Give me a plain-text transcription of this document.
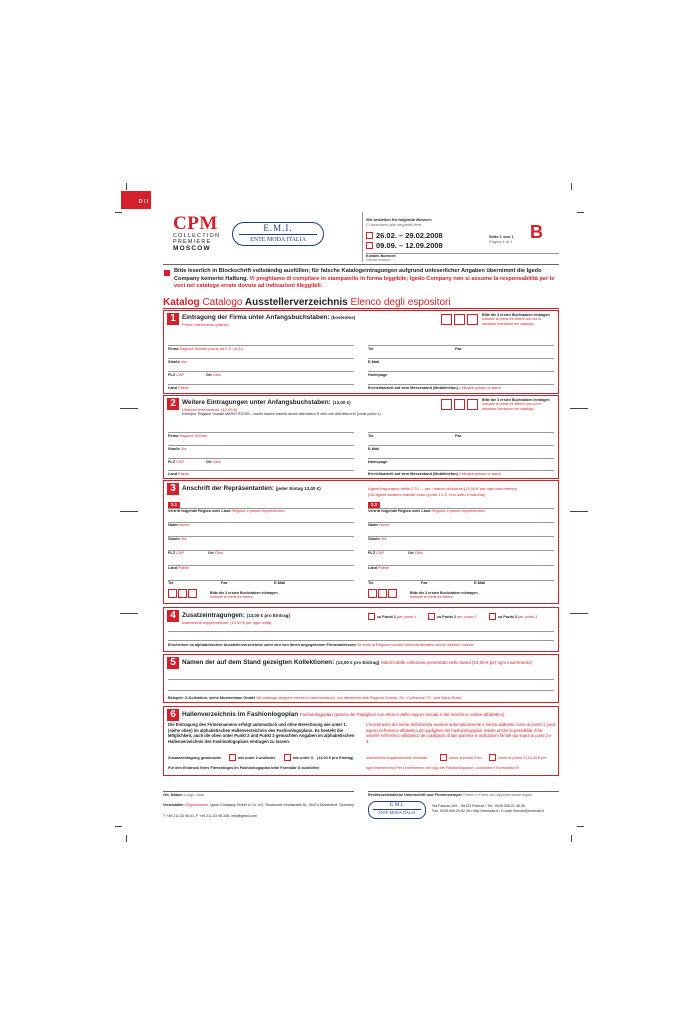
D / I
CPM
COLLECTION
PREMIÈRE
MOSCOW
E.M.I.
ENTE MODA ITALIA
Wir bestellen für folgende Messen:
Ci iscriviamo alle seguenti fiere:
26.02. – 29.02.2008
09.09. – 12.09.2008
Seite 1 von 1
Pagina 1 di 1 B
Kunden-Nummer:
Cliente numero:
Bitte leserlich in Blockschrift vollständig ausfüllen; für falsche Katalogeintragungen aufgrund unleserlicher Angaben übernimmt die Igedo Company keinerlei Haftung. Vi preghiamo di compilare in stampatello in forma leggibile; Igedo Company non si assume la responsabilità per le voci nel catalogo errate dovute ad indicazioni illeggibili.
Katalog Catalogo Ausstellerverzeichnis Elenco degli espositori
1 Eintragung der Firma unter Anfangsbuchstaben: (kostenlos)
Prime inserimento gratuito
Bitte die 3 ersten Buchstaben eintragen
Indicare le prime tre lettere con cui si desidera l'iscrizione nel catalogo.
Firma Ragione Sociale (come da C.C.I.A.A.)	Tel.	Fax
Straße Via	E-Mail
PLZ CAP	Ort Città	Homepage
Land Paese	Erreichbarkeit auf dem Messestand (Mobiltelefon) Cellulare presso lo stand
2 Weitere Eintragungen unter Anfangsbuchstaben: (13,00 €)
Ulteriore inserimento: (13,00 €)
Exempio: Ragione Sociale MARIO ROSSI – vostro essere inserito anche alla lettera R oltre che alla lettera M (come punto 1)
Bitte die 3 ersten Buchstaben eintragen
Indicare le prime tre lettere con cui si desidera l'iscrizione nel catalogo.
Firma Ragione Sociale	Tel.	Fax
Straße Via	E-Mail
PLZ CAP	Ort Città	Homepage
Land Paese	Erreichbarkeit auf dem Messestand (Mobiltelefon) Cellulare presso lo stand
3 Anschrift der Repräsentanten: (jeder Eintag 13,00 €)	Agenti/Importatori nella C.S.I. – per i marchi dichiarati (13,00 € per ogni inserimento)
(Gli agenti saranno indicati sotto i punti 1 e 2, non sotto il marchio)
3.1	3.2
Vertritt folgende Region oder Land Regione o paese rappresentato	Vertritt folgende Region oder Land Regione o paese rappresentato
Name Nome	Name Nome
Straße Via	Straße Via
PLZ CAP	Ort Città	PLZ CAP	Ort Città
Land Paese	Land Paese
Tel.	Fax	E-Mail	Tel.	Fax	E-Mail
Bitte die 3 ersten Buchstaben eintragen
Indicare le prime tre lettere.
Bitte die 3 ersten Buchstaben eintragen
Indicare le prime tre lettere.
4 Zusatzeintragungen: (13,00 € pro Eintrag)
Inserimenti supplementari: (13,00 € per ogni unità)
zu Punkt 1 per punto 1	zu Punkt 2 per punto 2	zu Punkt 3 per punto 3
Erscheinen im alphabetischen Ausstellerverzeichnis unter den von Ihnen angegebenen Firmenadressen Se sotto la Regione sociale l'azienda desidera anche inserire i marchi
5 Namen der auf dem Stand gezeigten Kollektionen: (13,00 € pro Eintrag) Marchi delle collezioni presentate nello stand (13,00 € per ogni inserimento)
Beispiel: X-Kollektion, siehe Mustermann GmbH Nel catalogo vengono inseriti il marchio/marchi, con riferimento alla Ragione Sociale: Es.: Collezione "X", vedi Mario Rossi
6 Hallenverzeichnis im Fashionlogoplan Fashionlogoplan (pianta dei Padiglioni con elenco delle ragioni sociali e dei marchi in ordine alfabetico)
Die Eintragung des Firmennamens erfolgt automatisch und ohne Berechnung wie unter 1. (siehe oben) im alphabetischen Hallenverzeichnis des Fashionlogoplans. Es besteht die Möglichkeit, auch die oben unter Punkt 2 und Punkt 3 gemachten Angaben im alphabetischen Hallenverzeichnis des Fashionlogoplans eintragen zu lassen.
L'inserimento del nome dell'azienda avviene automaticamente e senza addebito come al punto 1 (vedi sopra) nell'elenco alfabetico dei padiglioni del Fashionlogoplan. Esiste anche la possibilità di far inserire nell'elenco alfabetico dei padiglioni di tale piantina le indicazioni fornite qui sopra ai punti 2 e 3.
Zusatzeintragung gewünscht:	wie unter 2. und/oder	wie unter 3. (13,00 € pro Eintrag)	Inserimento supplementare richiesto	come al punto 2 e/o	come al punto 3 (13,00 € per
Für den Eindruck Ihres Firmenlogos im Fashionlogoplan bitte Formular D ausfüllen!	ogni inserimento) Per l'inserimento del logo nel Fashionlogoplan, compilare il Formulario D!
Ort, Datum Luogo, data	Rechtsverbindliche Unterschrift und Firmenstempel Timbro e Firma del rappresentante legale
Veranstalter: Organizzatore: Igedo Company GmbH & Co. KG, Stockumer Kirchstraße 61, 40474 Düsseldorf, Germany
T +49.211.43 96.01, F +49.211.43 96.345, info@igedo.com
E.M.I.
ENTE MODA ITALIA
Via Faenza,109 – 50123 Firenze • Tel.: 0039.055.21.48.35
Fax: 0039.055.29.82.26 • http://enmoda.it • E-mail: firenze@enmoda.it
